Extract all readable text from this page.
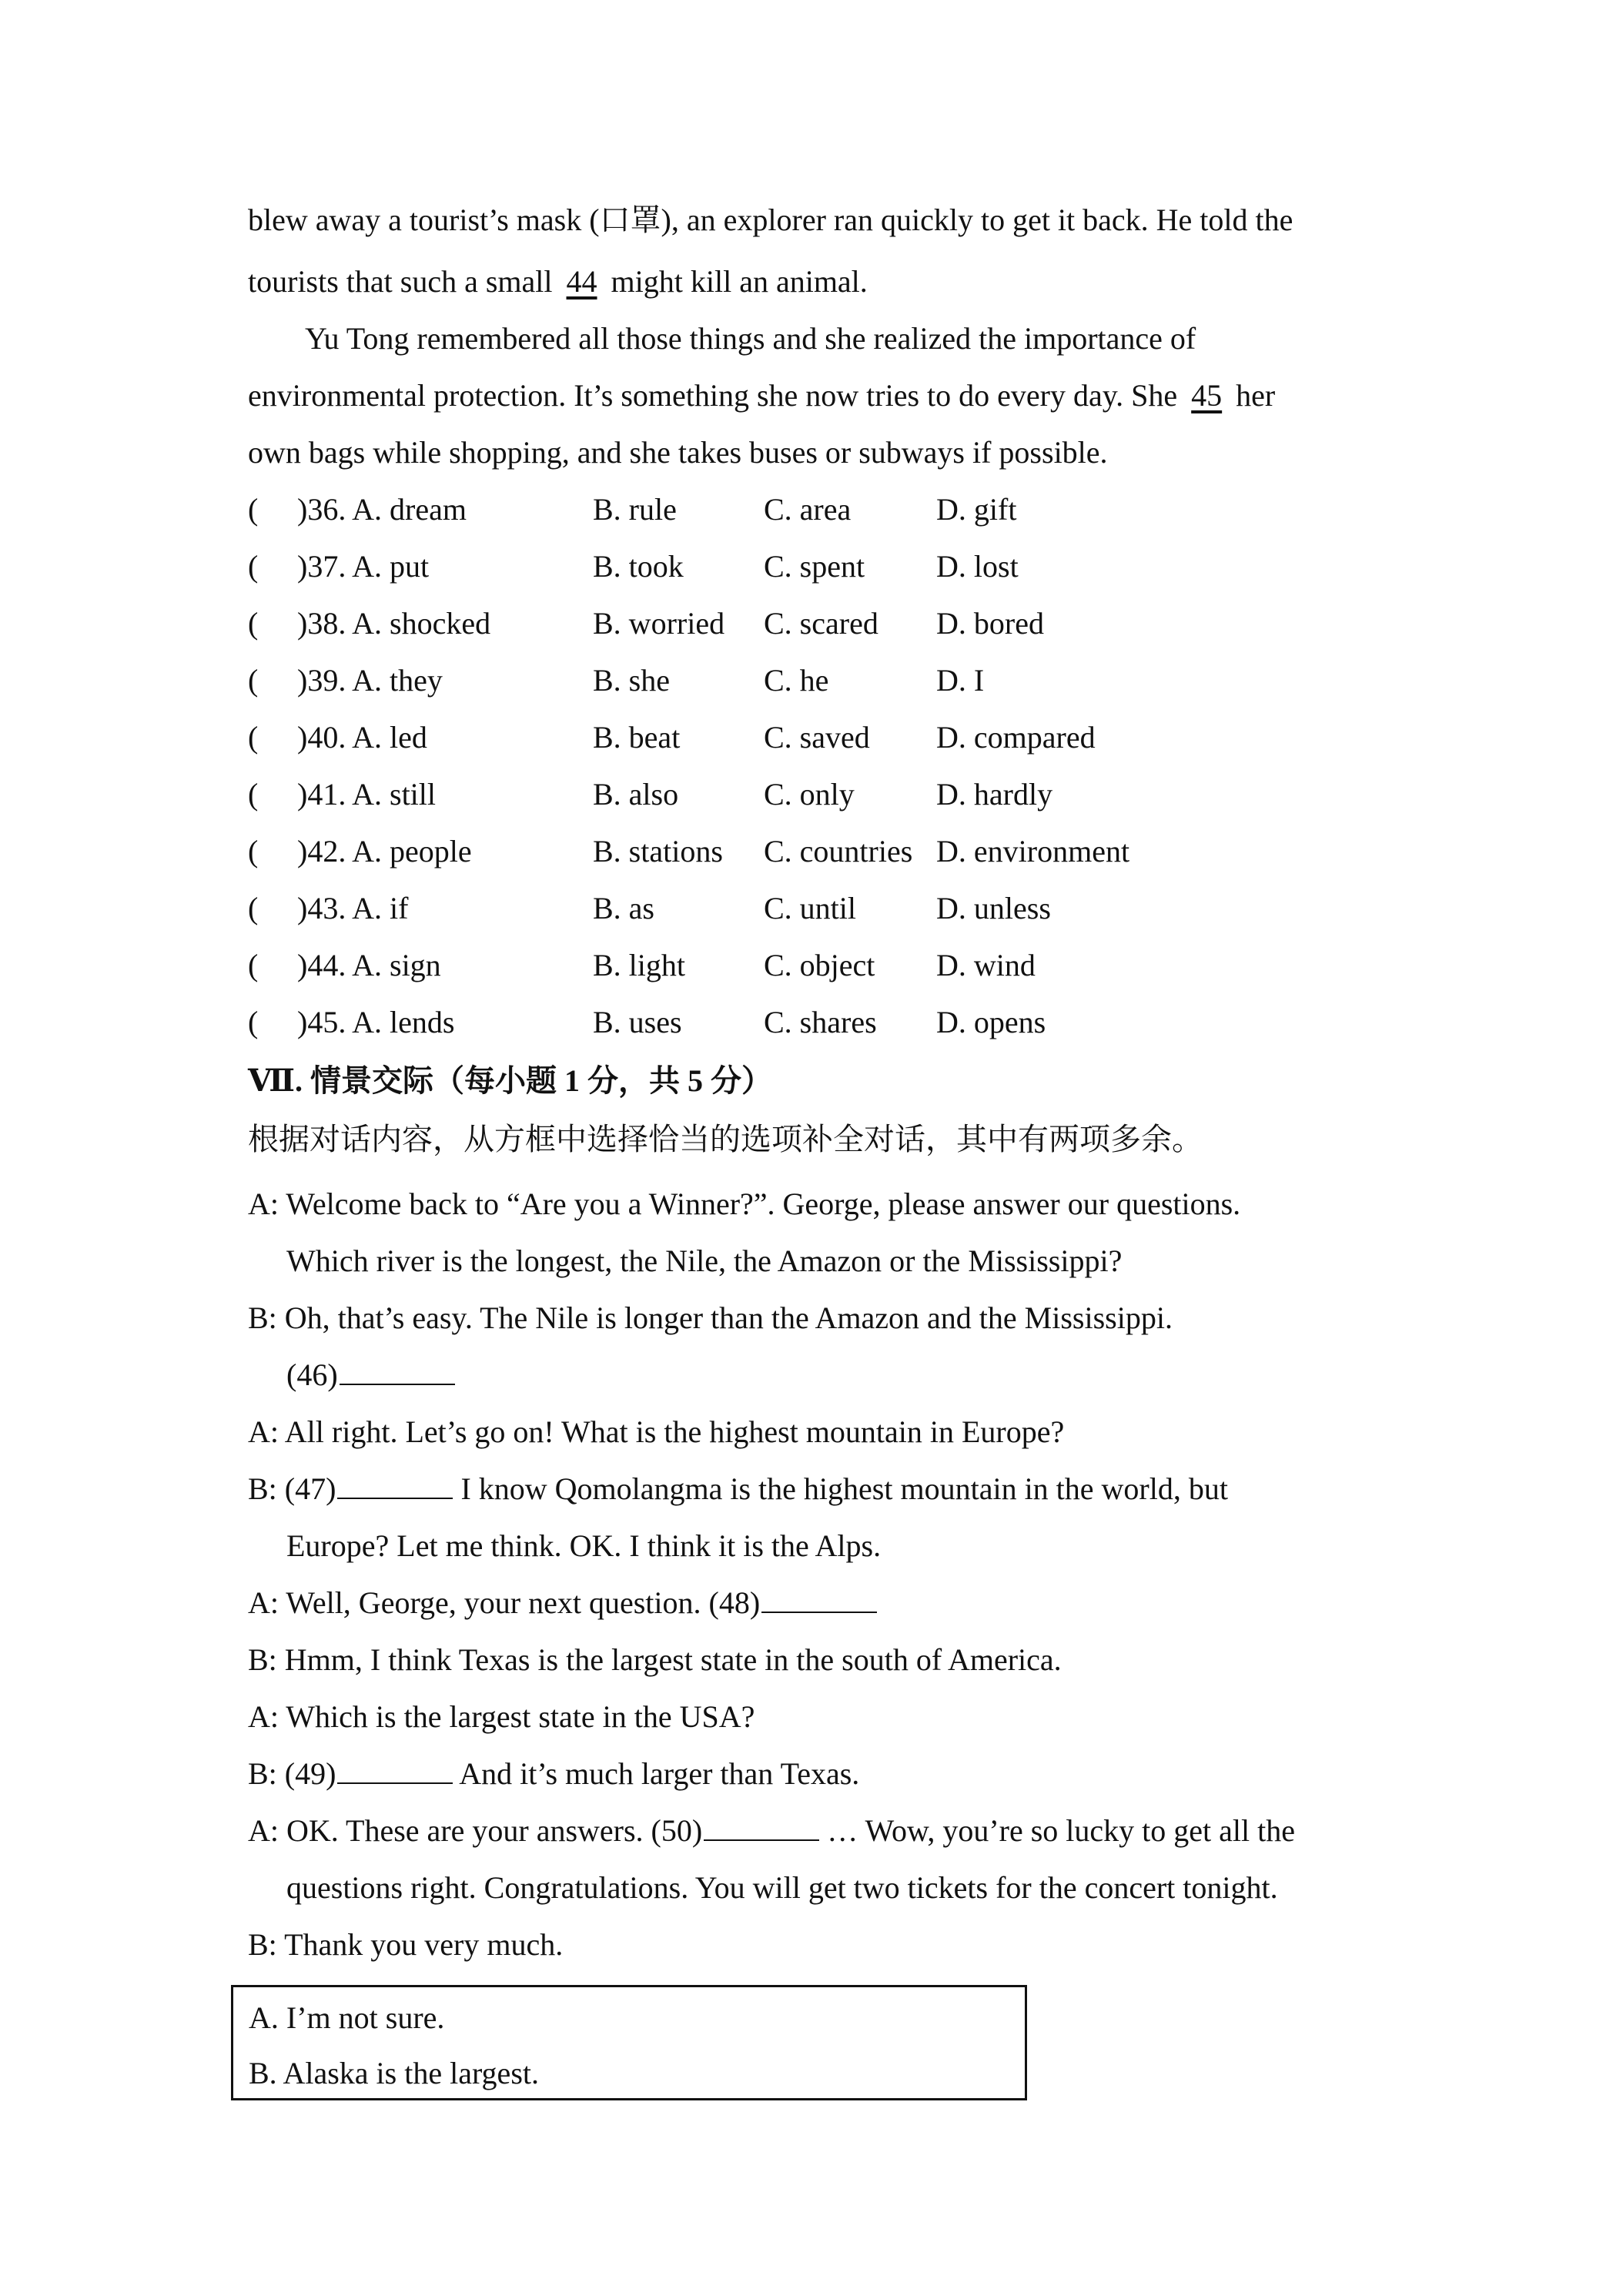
blew away a tourist’s mask (口罩), an explorer ran quickly to get it back. He told the
tourists that such a small 44 might kill an animal.
Yu Tong remembered all those things and she realized the importance of
environmental protection. It’s something she now tries to do every day. She 45 her
own bags while shopping, and she takes buses or subways if possible.
( )36. A. dream	B. rule	C. area	D. gift
( )37. A. put	B. took	C. spent D. lost
( )38. A. shocked	B. worried C. scared D. bored
( )39. A. they	B. she	C. he	D. I
( )40. A. led	B. beat	C. saved D. compared
( )41. A. still	B. also	C. only	D. hardly
( )42. A. people	B. stations C. countries D. environment
( )43. A. if	B. as	C. until	D. unless
( )44. A. sign	B. light	C. object D. wind
( )45. A. lends	B. uses	C. shares D. opens
Ⅶ. 情景交际（每小题 1 分，共 5 分）
根据对话内容，从方框中选择恰当的选项补全对话，其中有两项多余。
A: Welcome back to “Are you a Winner?”. George, please answer our questions.
Which river is the longest, the Nile, the Amazon or the Mississippi?
B: Oh, that’s easy. The Nile is longer than the Amazon and the Mississippi.
(46)
A: All right. Let’s go on! What is the highest mountain in Europe?
B: (47)	I know Qomolangma is the highest mountain in the world, but
Europe? Let me think. OK. I think it is the Alps.
A: Well, George, your next question. (48)
B: Hmm, I think Texas is the largest state in the south of America.
A: Which is the largest state in the USA?
B: (49)	And it’s much larger than Texas.
A: OK. These are your answers. (50)	… Wow, you’re so lucky to get all the
questions right. Congratulations. You will get two tickets for the concert tonight.
B: Thank you very much.
A. I’m not sure.
B. Alaska is the largest.
